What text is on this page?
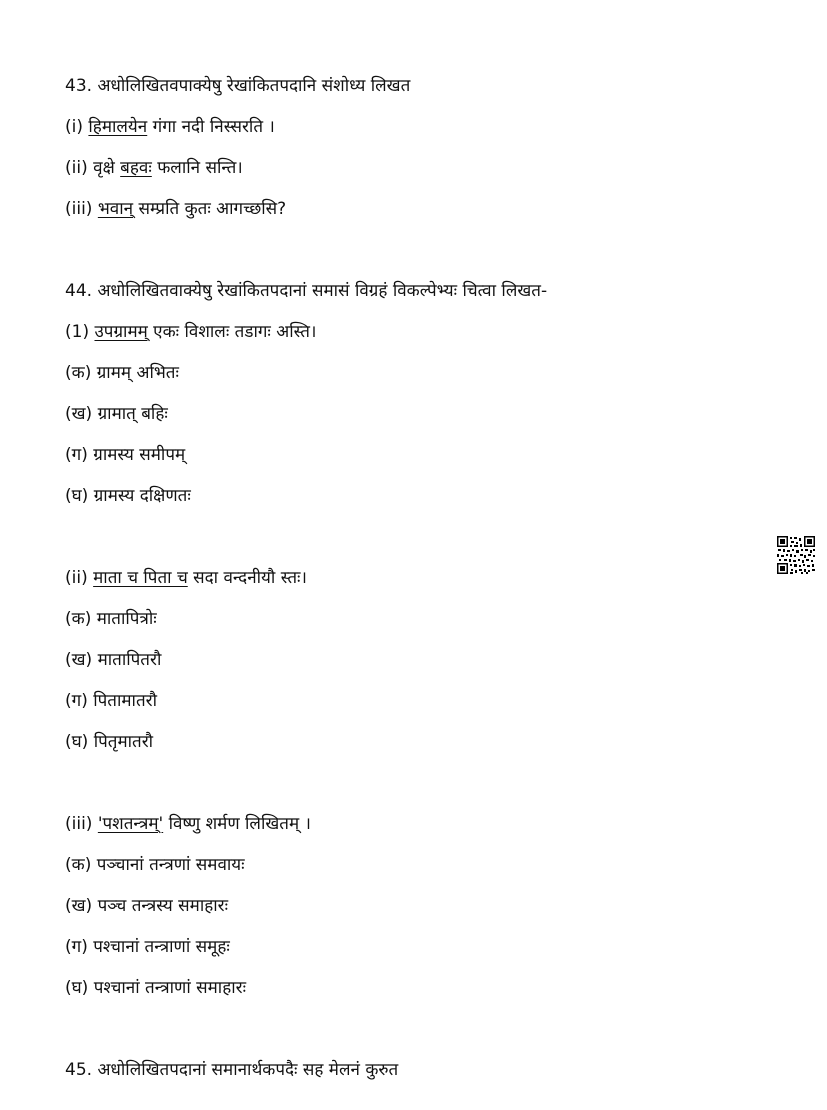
43. अधोलिखितवपाक्येषु रेखांकितपदानि संशोध्य लिखत
(i) हिमालयेन गंगा नदी निस्सरति ।
(ii) वृक्षे बहवः फलानि सन्ति।
(iii) भवान् सम्प्रति कुतः आगच्छसि?
44. अधोलिखितवाक्येषु रेखांकितपदानां समासं विग्रहं विकल्पेभ्यः चित्वा लिखत-
(1) उपग्रामम् एकः विशालः तडागः अस्ति।
(क) ग्रामम् अभितः
(ख) ग्रामात् बहिः
(ग) ग्रामस्य समीपम्
(घ) ग्रामस्य दक्षिणतः
(ii) माता च पिता च सदा वन्दनीयौ स्तः।
(क) मातापित्रोः
(ख) मातापितरौ
(ग) पितामातरौ
(घ) पितृमातरौ
(iii) 'पशतन्त्रम्' विष्णु शर्मण लिखितम् ।
(क) पञ्चानां तन्त्रणां समवायः
(ख) पञ्च तन्त्रस्य समाहारः
(ग) पश्चानां तन्त्राणां समूहः
(घ) पश्चानां तन्त्राणां समाहारः
45. अधोलिखितपदानां समानार्थकपदैः सह मेलनं कुरुत
